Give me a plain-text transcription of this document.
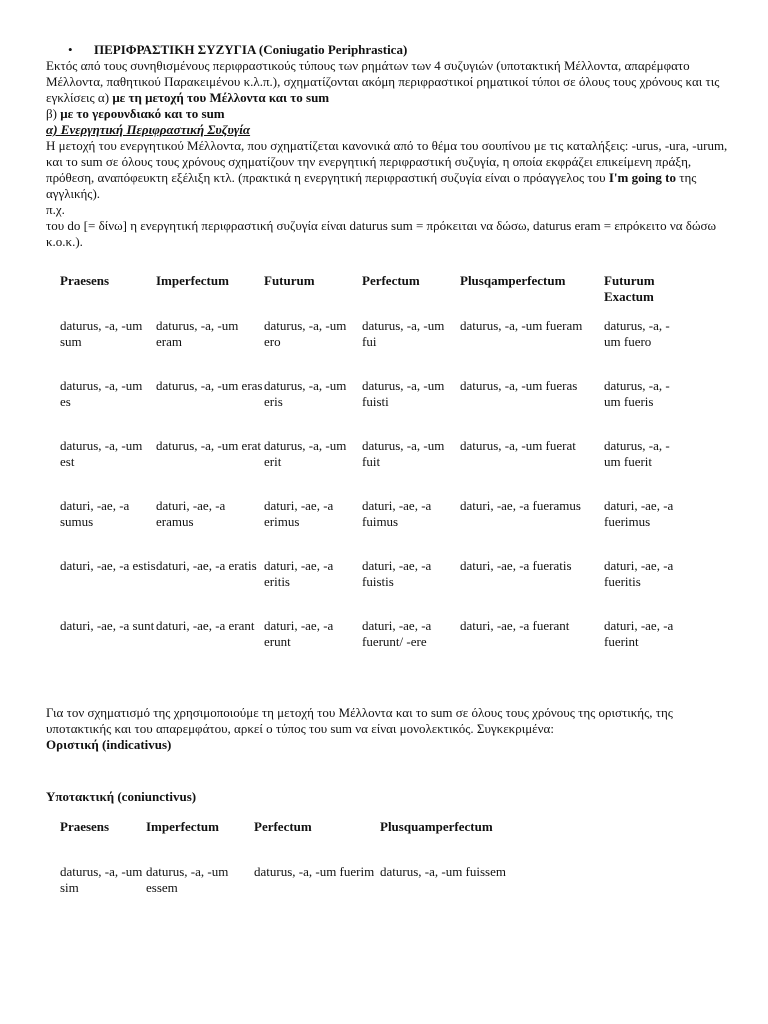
• ΠΕΡΙΦΡΑΣΤΙΚΗ ΣΥΖΥΓΙΑ (Coniugatio Periphrastica)

Εκτός από τους συνηθισμένους περιφραστικούς τύπους των ρημάτων των 4 συζυγιών (υποτακτική Μέλλοντα, απαρέμφατο Μέλλοντα, παθητικού Παρακειμένου κ.λ.π.), σχηματίζονται ακόμη περιφραστικοί ρηματικοί τύποι σε όλους τους χρόνους και τις εγκλίσεις α) με τη μετοχή του Μέλλοντα και το sum

β) με το γερουνδιακό και το sum

α) Ενεργητική Περιφραστική Συζυγία

Η μετοχή του ενεργητικού Μέλλοντα, που σχηματίζεται κανονικά από το θέμα του σουπίνου με τις καταλήξεις: -urus, -ura, -urum, και το sum σε όλους τους χρόνους σχηματίζουν την ενεργητική περιφραστική συζυγία, η οποία εκφράζει επικείμενη πράξη, πρόθεση, αναπόφευκτη εξέλιξη κτλ. (πρακτικά η ενεργητική περιφραστική συζυγία είναι ο πρόαγγελος του I'm going to της αγγλικής).

π.χ.

του do [= δίνω] η ενεργητική περιφραστική συζυγία είναι daturus sum = πρόκειται να δώσω, daturus eram = επρόκειτο να δώσω κ.ο.κ.).

Praesens	Imperfectum	Futurum	Perfectum	Plusqamperfectum	Futurum Exactum
daturus, -a, -um sum	daturus, -a, -um eram	daturus, -a, -um ero	daturus, -a, -um fui	daturus, -a, -um fueram	daturus, -a, -um fuero
daturus, -a, -um es	daturus, -a, -um eras	daturus, -a, -um eris	daturus, -a, -um fuisti	daturus, -a, -um fueras	daturus, -a, -um fueris
daturus, -a, -um est	daturus, -a, -um erat	daturus, -a, -um erit	daturus, -a, -um fuit	daturus, -a, -um fuerat	daturus, -a, -um fuerit
daturi, -ae, -a sumus	daturi, -ae, -a eramus	daturi, -ae, -a erimus	daturi, -ae, -a fuimus	daturi, -ae, -a fueramus	daturi, -ae, -a fuerimus
daturi, -ae, -a estis	daturi, -ae, -a eratis	daturi, -ae, -a eritis	daturi, -ae, -a fuistis	daturi, -ae, -a fueratis	daturi, -ae, -a fueritis
daturi, -ae, -a sunt	daturi, -ae, -a erant	daturi, -ae, -a erunt	daturi, -ae, -a fuerunt/ -ere	daturi, -ae, -a fuerant	daturi, -ae, -a fuerint

Για τον σχηματισμό της χρησιμοποιούμε τη μετοχή του Μέλλοντα και το sum σε όλους τους χρόνους της οριστικής, της υποτακτικής και του απαρεμφάτου, αρκεί ο τύπος του sum να είναι μονολεκτικός. Συγκεκριμένα:

Οριστική (indicativus)

Υποτακτική (coniunctivus)

Praesens	Imperfectum	Perfectum	Plusquamperfectum
daturus, -a, -um sim	daturus, -a, -um essem	daturus, -a, -um fuerim	daturus, -a, -um fuissem
